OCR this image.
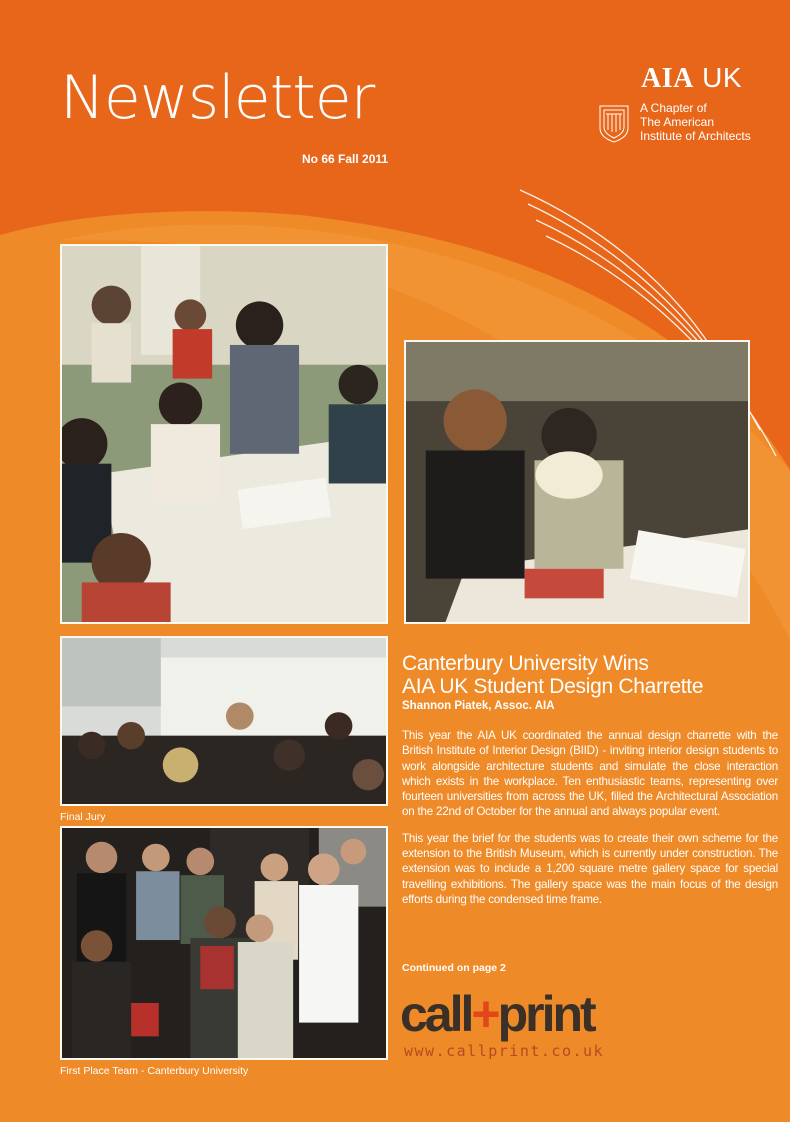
Newsletter
No 66 Fall 2011
AIA UK
A Chapter of
The American
Institute of Architects
Final Jury
First Place Team - Canterbury University
Canterbury University Wins
AIA UK Student Design Charrette
Shannon Piatek, Assoc. AIA

This year the AIA UK coordinated the annual design charrette with the British Institute of Interior Design (BIID) - inviting interior design students to work alongside architecture students and simulate the close interaction which exists in the workplace. Ten enthusiastic teams, representing over fourteen universities from across the UK, filled the Architectural Association on the 22nd of October for the annual and always popular event.

This year the brief for the students was to create their own scheme for the extension to the British Museum, which is currently under construction. The extension was to include a 1,200 square metre gallery space for special travelling exhibitions. The gallery space was the main focus of the design efforts during the condensed time frame.

Continued on page 2
call+print
www.callprint.co.uk
